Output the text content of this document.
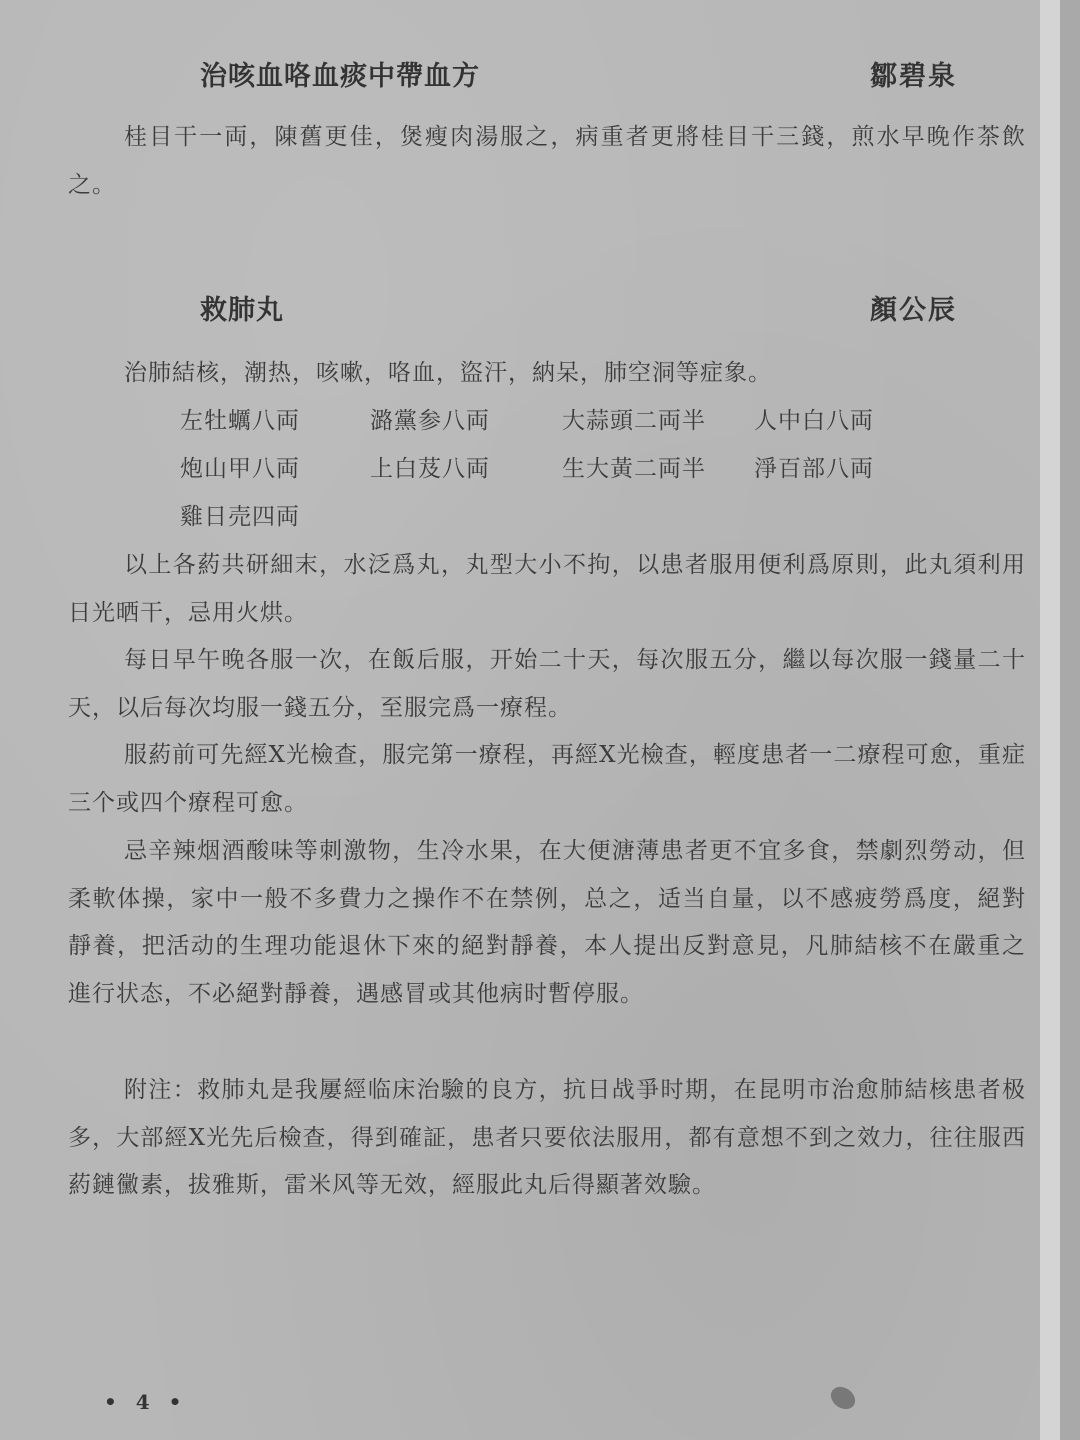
治咳血咯血痰中帶血方	鄒碧泉
桂目干一両，陳舊更佳，煲瘦肉湯服之，病重者更將桂目干三錢，煎水早晚作茶飲之。
救肺丸	顏公辰
治肺結核，潮热，咳嗽，咯血，盜汗，納呆，肺空洞等症象。
左牡蠣八両	潞黨参八両	大蒜頭二両半 人中白八両
炮山甲八両	上白芨八両	生大黃二両半 淨百部八両
雞日売四両
以上各葯共研細末，水泛爲丸，丸型大小不拘，以患者服用便利爲原則，此丸須利用日光晒干，忌用火烘。
每日早午晚各服一次，在飯后服，开始二十天，每次服五分，繼以每次服一錢量二十天，以后每次均服一錢五分，至服完爲一療程。
服葯前可先經X光檢查，服完第一療程，再經X光檢查，輕度患者一二療程可愈，重症三个或四个療程可愈。
忌辛辣烟酒酸味等刺激物，生冷水果，在大便溏薄患者更不宜多食，禁劇烈勞动，但柔軟体操，家中一般不多費力之操作不在禁例，总之，适当自量，以不感疲勞爲度，絕對靜養，把活动的生理功能退休下來的絕對靜養，本人提出反對意見，凡肺結核不在嚴重之進行状态，不必絕對靜養，遇感冒或其他病时暫停服。
附注：救肺丸是我屢經临床治驗的良方，抗日战爭时期，在昆明市治愈肺結核患者极多，大部經X光先后檢查，得到確証，患者只要依法服用，都有意想不到之效力，往往服西葯鏈黴素，拔雅斯，雷米风等无效，經服此丸后得顯著效驗。
• 4 •
